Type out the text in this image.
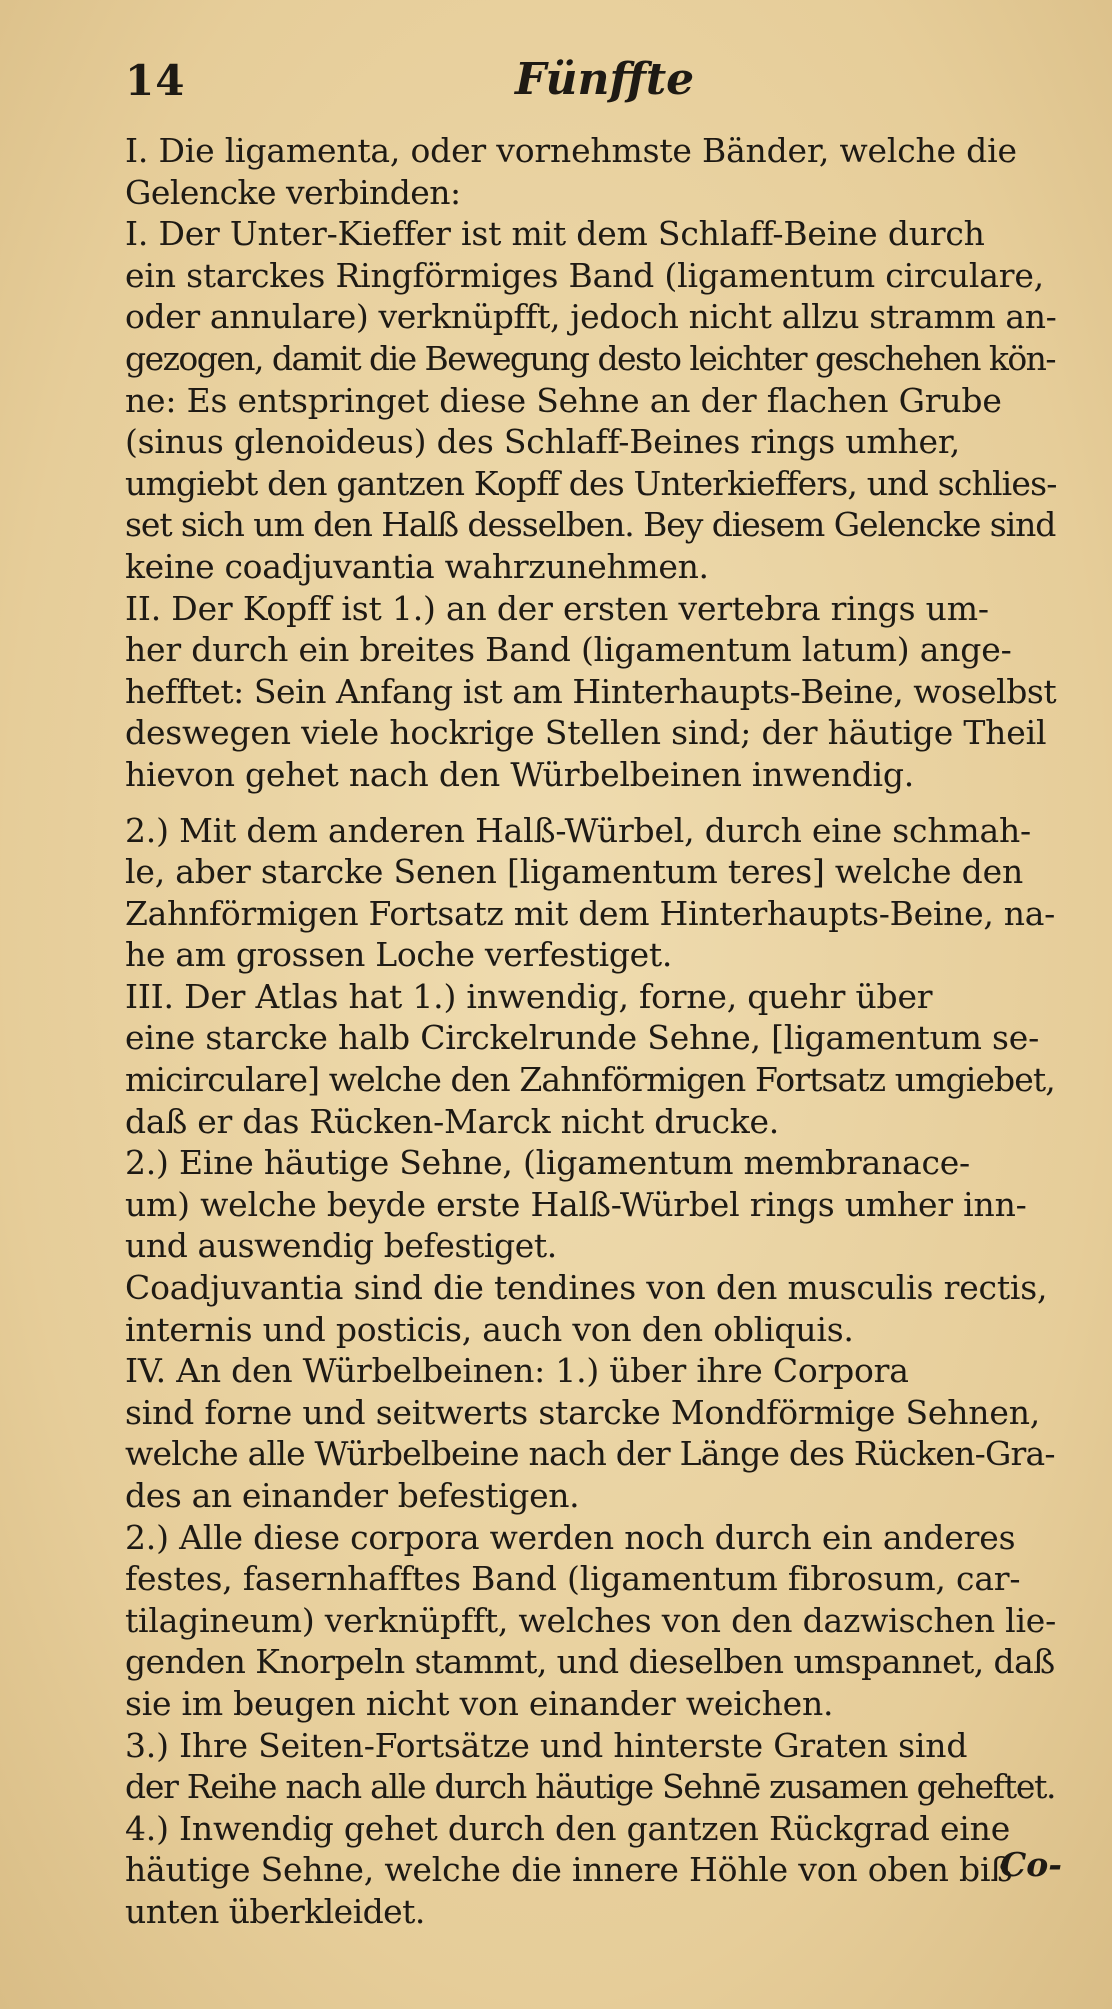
14	Fünffte
I. Die ligamenta, oder vornehmste Bänder, welche die
Gelencke verbinden:
I. Der Unter-Kieffer ist mit dem Schlaff-Beine durch
ein starckes Ringförmiges Band (ligamentum circulare,
oder annulare) verknüpfft, jedoch nicht allzu stramm an-
gezogen, damit die Bewegung desto leichter geschehen kön-
ne: Es entspringet diese Sehne an der flachen Grube
(sinus glenoideus) des Schlaff-Beines rings umher,
umgiebt den gantzen Kopff des Unterkieffers, und schlies-
set sich um den Halß desselben. Bey diesem Gelencke sind
keine coadjuvantia wahrzunehmen.
II. Der Kopff ist 1.) an der ersten vertebra rings um-
her durch ein breites Band (ligamentum latum) ange-
hefftet: Sein Anfang ist am Hinterhaupts-Beine, woselbst
deswegen viele hockrige Stellen sind; der häutige Theil
hievon gehet nach den Würbelbeinen inwendig.
2.) Mit dem anderen Halß-Würbel, durch eine schmah-
le, aber starcke Senen [ligamentum teres] welche den
Zahnförmigen Fortsatz mit dem Hinterhaupts-Beine, na-
he am grossen Loche verfestiget.
III. Der Atlas hat 1.) inwendig, forne, quehr über
eine starcke halb Circkelrunde Sehne, [ligamentum se-
micirculare] welche den Zahnförmigen Fortsatz umgiebet,
daß er das Rücken-Marck nicht drucke.
2.) Eine häutige Sehne, (ligamentum membranace-
um) welche beyde erste Halß-Würbel rings umher inn-
und auswendig befestiget.
Coadjuvantia sind die tendines von den musculis rectis,
internis und posticis, auch von den obliquis.
IV. An den Würbelbeinen: 1.) über ihre Corpora
sind forne und seitwerts starcke Mondförmige Sehnen,
welche alle Würbelbeine nach der Länge des Rücken-Gra-
des an einander befestigen.
2.) Alle diese corpora werden noch durch ein anderes
festes, fasernhafftes Band (ligamentum fibrosum, car-
tilagineum) verknüpfft, welches von den dazwischen lie-
genden Knorpeln stammt, und dieselben umspannet, daß
sie im beugen nicht von einander weichen.
3.) Ihre Seiten-Fortsätze und hinterste Graten sind
der Reihe nach alle durch häutige Sehnē zusamen geheftet.
4.) Inwendig gehet durch den gantzen Rückgrad eine
häutige Sehne, welche die innere Höhle von oben biß
unten überkleidet.
Co-
